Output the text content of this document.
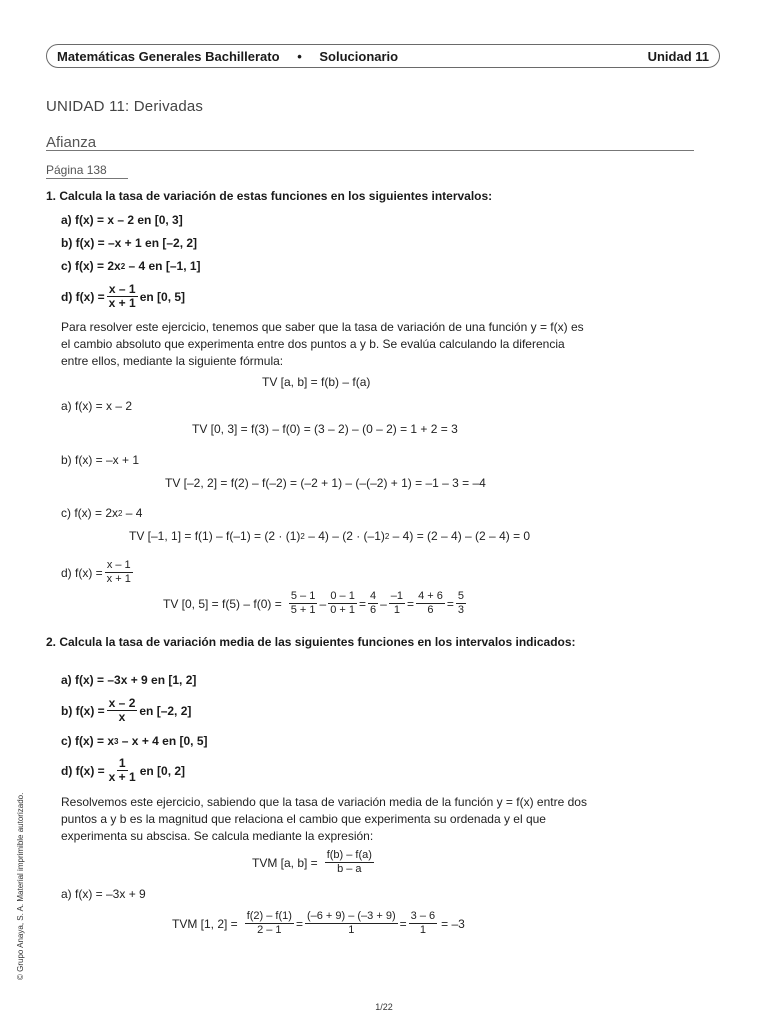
Matemáticas Generales Bachillerato • Solucionario	Unidad 11
UNIDAD 11: Derivadas
Afianza
Página 138
1. Calcula la tasa de variación de estas funciones en los siguientes intervalos:
a) f(x) = x – 2 en [0, 3]
b) f(x) = –x + 1 en [–2, 2]
c) f(x) = 2x 2 – 4 en [–1, 1]
d) $f(x) = \frac{x - 1}{x + 1}$ en [0, 5]
Para resolver este ejercicio, tenemos que saber que la tasa de variación de una función y = f(x) es el cambio absoluto que experimenta entre dos puntos a y b. Se evalúa calculando la diferencia entre ellos, mediante la siguiente fórmula:
TV [a, b] = f(b) – f(a)
a) f(x) = x – 2
TV [0, 3] = f(3) – f(0) = (3 – 2) – (0 – 2) = 1 + 2 = 3
b) f(x) = –x + 1
TV [–2, 2] = f(2) – f(–2) = (–2 + 1) – (–(–2) + 1) = –1 – 3 = –4
c) f(x) = 2x 2 – 4
TV [–1, 1] = f(1) – f(–1) = (2 · (1) 2 – 4) – (2 · (–1) 2 – 4) = (2 – 4) – (2 – 4) = 0
d) $f(x) = \frac{x - 1}{x + 1}$
TV [0, $5] = f(5) - f(0) = \frac{5 - 1}{5 + 1} - \frac{0 - 1}{0 + 1} = \frac{4}{6} - \frac{-1}{1} = \frac{4 + 6}{6} = \frac{5}{3}$
2. Calcula la tasa de variación media de las siguientes funciones en los intervalos indicados:
a) f(x) = –3x + 9 en [1, 2]
b) $f(x) = \frac{x - 2}{x}$ en [–2, 2]
c) f(x) = x 3 – x + 4 en [0, 5]
d) $f(x) = \frac{1}{x + 1}$ en [0, 2]
Resolvemos este ejercicio, sabiendo que la tasa de variación media de la función y = f(x) entre dos puntos a y b es la magnitud que relaciona el cambio que experimenta su ordenada y el que experimenta su abscisa. Se calcula mediante la expresión:
TVM [a, $b] = \frac{f(b) - f(a)}{b - a}$
a) f(x) = –3x + 9
TVM [1, $2] = \frac{f(2) - f(1)}{2 - 1} = \frac{(-6 + 9) - (-3 + 9)}{1} = \frac{3 - 6}{1} = -3$
© Grupo Anaya, S. A. Material imprimible autorizado.
1/22
